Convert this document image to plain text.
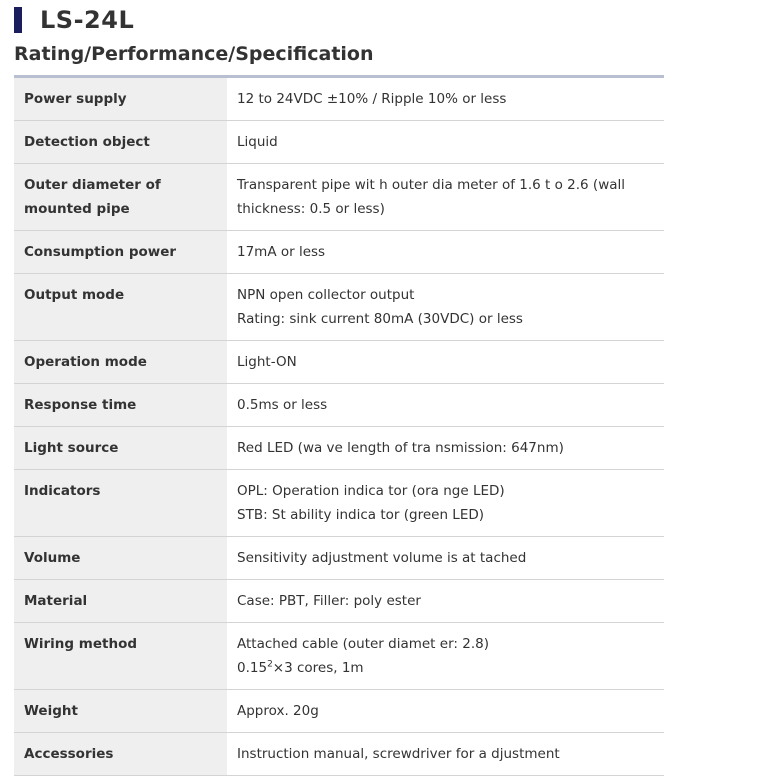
LS-24L
Rating/Performance/Specification
Power supply	12 to 24VDC ±10% / Ripple 10% or less

Detection object	Liquid

Outer diameter of mounted pipe	Transparent pipe wit h outer dia meter of 1.6 t o 2.6 (wall thickness: 0.5 or less)

Consumption power	17mA or less

Output mode	NPN open collector output
Rating: sink current 80mA (30VDC) or less

Operation mode	Light-ON

Response time	0.5ms or less

Light source	Red LED (wa ve length of tra nsmission: 647nm)

Indicators	OPL: Operation indica tor (ora nge LED)
STB: St ability indica tor (green LED)

Volume	Sensitivity adjustment volume is at tached

Material	Case: PBT, Filler: poly ester

Wiring method	Attached cable (outer diamet er: 2.8)
$0.15^2\times 3$ cores, 1m

Weight	Approx. 20g

Accessories	Instruction manual, screwdriver for a djustment
